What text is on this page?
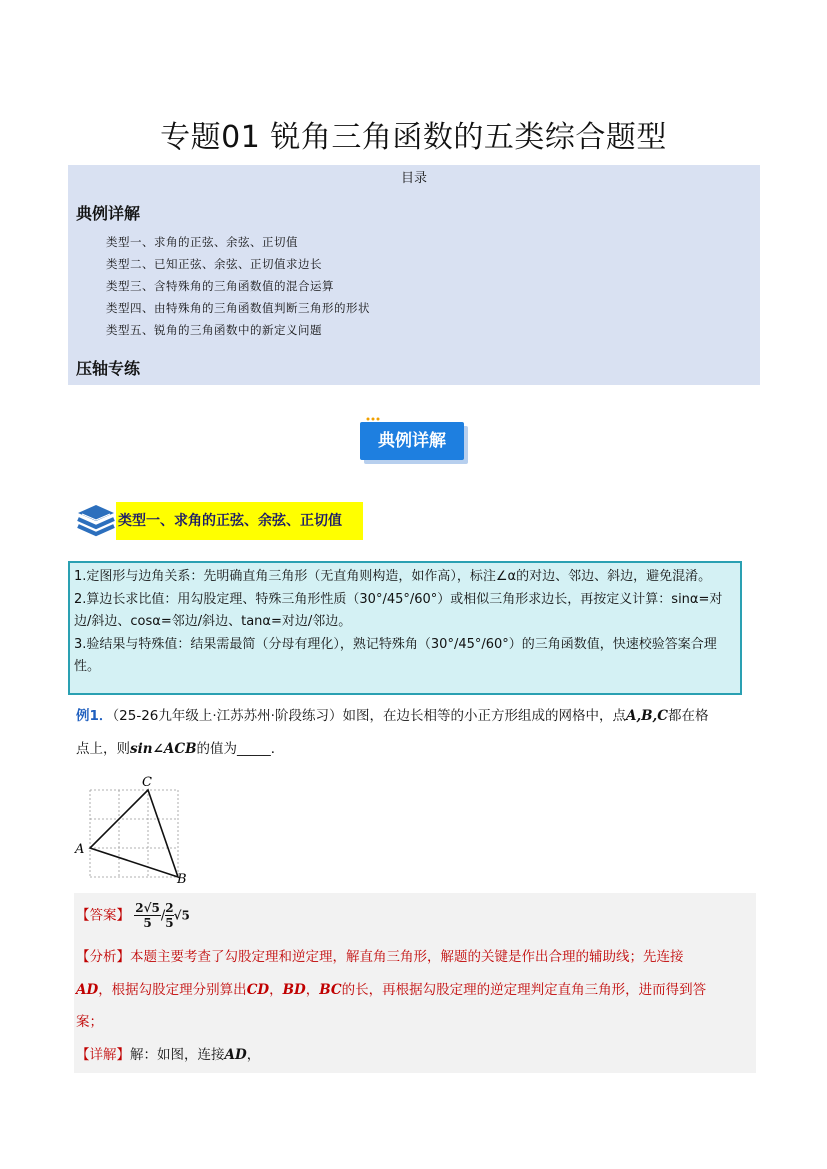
专题01 锐角三角函数的五类综合题型
目录
典例详解
类型一、求角的正弦、余弦、正切值
类型二、已知正弦、余弦、正切值求边长
类型三、含特殊角的三角函数值的混合运算
类型四、由特殊角的三角函数值判断三角形的形状
类型五、锐角的三角函数中的新定义问题
压轴专练
典例详解
类型一、求角的正弦、余弦、正切值
1.定图形与边角关系：先明确直角三角形（无直角则构造，如作高），标注∠α的对边、邻边、斜边，避免混淆。
2.算边长求比值：用勾股定理、特殊三角形性质（30°/45°/60°）或相似三角形求边长，再按定义计算：sinα=对边/斜边、cosα=邻边/斜边、tanα=对边/邻边。
3.验结果与特殊值：结果需最简（分母有理化），熟记特殊角（30°/45°/60°）的三角函数值，快速校验答案合理性。
例1．（25-26九年级上·江苏苏州·阶段练习）如图，在边长相等的小正方形组成的网格中，点A,B,C都在格
点上，则sin∠ACB的值为_____．
C
A
B
【答案】 $\frac{2√5}{5} / \frac{2}{5} √5$
【分析】本题主要考查了勾股定理和逆定理，解直角三角形，解题的关键是作出合理的辅助线；先连接
AD，根据勾股定理分别算出CD，BD，BC的长，再根据勾股定理的逆定理判定直角三角形，进而得到答
案；
【详解】解：如图，连接AD，
